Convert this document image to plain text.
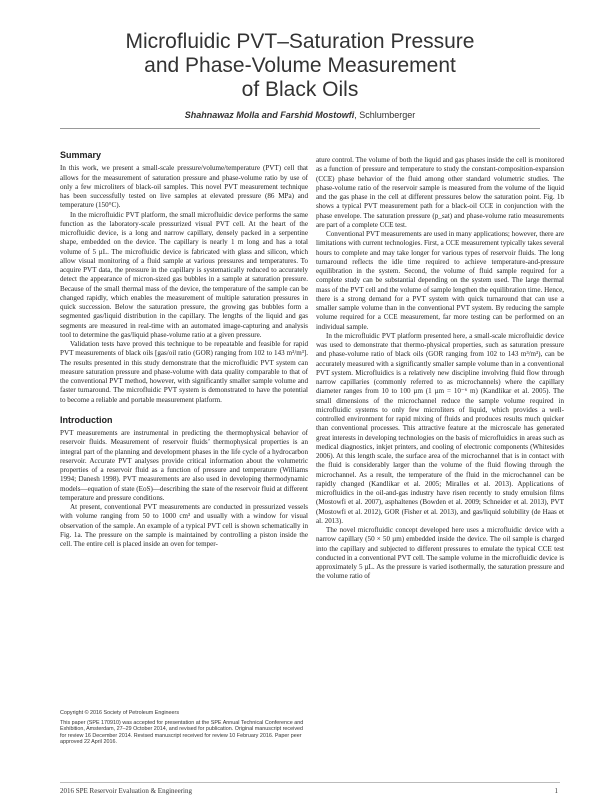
Microfluidic PVT–Saturation Pressure
and Phase-Volume Measurement
of Black Oils
Shahnawaz Molla and Farshid Mostowfi, Schlumberger
Summary

In this work, we present a small-scale pressure/volume/temperature (PVT) cell that allows for the measurement of saturation pressure and phase-volume ratio by use of only a few microliters of black-oil samples. This novel PVT measurement technique has been successfully tested on live samples at elevated pressure (86 MPa) and temperature (150°C).

In the microfluidic PVT platform, the small microfluidic device performs the same function as the laboratory-scale pressurized visual PVT cell. At the heart of the microfluidic device, is a long and narrow capillary, densely packed in a serpentine shape, embedded on the device. The capillary is nearly 1 m long and has a total volume of 5 µL. The microfluidic device is fabricated with glass and silicon, which allow visual monitoring of a fluid sample at various pressures and temperatures. To acquire PVT data, the pressure in the capillary is systematically reduced to accurately detect the appearance of micron-sized gas bubbles in a sample at saturation pressure. Because of the small thermal mass of the device, the temperature of the sample can be changed rapidly, which enables the measurement of multiple saturation pressures in quick succession. Below the saturation pressure, the growing gas bubbles form a segmented gas/liquid distribution in the capillary. The lengths of the liquid and gas segments are measured in real-time with an automated image-capturing and analysis tool to determine the gas/liquid phase-volume ratio at a given pressure.

Validation tests have proved this technique to be repeatable and feasible for rapid PVT measurements of black oils [gas/oil ratio (GOR) ranging from 102 to 143 m³/m³]. The results presented in this study demonstrate that the microfluidic PVT system can measure saturation pressure and phase-volume with data quality comparable to that of the conventional PVT method, however, with significantly smaller sample volume and faster turnaround. The microfluidic PVT system is demonstrated to have the potential to become a reliable and portable measurement platform.

Introduction

PVT measurements are instrumental in predicting the thermophysical behavior of reservoir fluids. Measurement of reservoir fluids’ thermophysical properties is an integral part of the planning and development phases in the life cycle of a hydrocarbon reservoir. Accurate PVT analyses provide critical information about the volumetric properties of a reservoir fluid as a function of pressure and temperature (Williams 1994; Danesh 1998). PVT measurements are also used in developing thermodynamic models—equation of state (EoS)—describing the state of the reservoir fluid at different temperature and pressure conditions.

At present, conventional PVT measurements are conducted in pressurized vessels with volume ranging from 50 to 1000 cm³ and usually with a window for visual observation of the sample. An example of a typical PVT cell is shown schematically in Fig. 1a. The pressure on the sample is maintained by controlling a piston inside the cell. The entire cell is placed inside an oven for temper-

ature control. The volume of both the liquid and gas phases inside the cell is monitored as a function of pressure and temperature to study the constant-composition-expansion (CCE) phase behavior of the fluid among other standard volumetric studies. The phase-volume ratio of the reservoir sample is measured from the volume of the liquid and the gas phase in the cell at different pressures below the saturation point. Fig. 1b shows a typical PVT measurement path for a black-oil CCE in conjunction with the phase envelope. The saturation pressure (p_sat) and phase-volume ratio measurements are part of a complete CCE test.

Conventional PVT measurements are used in many applications; however, there are limitations with current technologies. First, a CCE measurement typically takes several hours to complete and may take longer for various types of reservoir fluids. The long turnaround reflects the idle time required to achieve temperature-and-pressure equilibration in the system. Second, the volume of fluid sample required for a complete study can be substantial depending on the system used. The large thermal mass of the PVT cell and the volume of sample lengthen the equilibration time. Hence, there is a strong demand for a PVT system with quick turnaround that can use a smaller sample volume than in the conventional PVT system. By reducing the sample volume required for a CCE measurement, far more testing can be performed on an individual sample.

In the microfluidic PVT platform presented here, a small-scale microfluidic device was used to demonstrate that thermo-physical properties, such as saturation pressure and phase-volume ratio of black oils (GOR ranging from 102 to 143 m³/m³), can be accurately measured with a significantly smaller sample volume than in a conventional PVT system. Microfluidics is a relatively new discipline involving fluid flow through narrow capillaries (commonly referred to as microchannels) where the capillary diameter ranges from 10 to 100 µm (1 µm = 10⁻⁶ m) (Kandlikar et al. 2005). The small dimensions of the microchannel reduce the sample volume required in microfluidic systems to only few microliters of liquid, which provides a well-controlled environment for rapid mixing of fluids and produces results much quicker than conventional processes. This attractive feature at the microscale has generated great interests in developing technologies on the basis of microfluidics in areas such as medical diagnostics, inkjet printers, and cooling of electronic components (Whitesides 2006). At this length scale, the surface area of the microchannel that is in contact with the fluid is considerably larger than the volume of the fluid flowing through the microchannel. As a result, the temperature of the fluid in the microchannel can be rapidly changed (Kandlikar et al. 2005; Miralles et al. 2013). Applications of microfluidics in the oil-and-gas industry have risen recently to study emulsion films (Mostowfi et al. 2007), asphaltenes (Bowden et al. 2009; Schneider et al. 2013), PVT (Mostowfi et al. 2012), GOR (Fisher et al. 2013), and gas/liquid solubility (de Haas et al. 2013).

The novel microfluidic concept developed here uses a microfluidic device with a narrow capillary (50 × 50 µm) embedded inside the device. The oil sample is charged into the capillary and subjected to different pressures to emulate the typical CCE test conducted in a conventional PVT cell. The sample volume in the microfluidic device is approximately 5 µL. As the pressure is varied isothermally, the saturation pressure and the volume ratio of

Copyright © 2016 Society of Petroleum Engineers
This paper (SPE 170910) was accepted for presentation at the SPE Annual Technical Conference and Exhibition, Amsterdam, 27–29 October 2014, and revised for publication. Original manuscript received for review 16 December 2014. Revised manuscript received for review 10 February 2016. Paper peer approved 22 April 2016.
2016 SPE Reservoir Evaluation & Engineering	1
